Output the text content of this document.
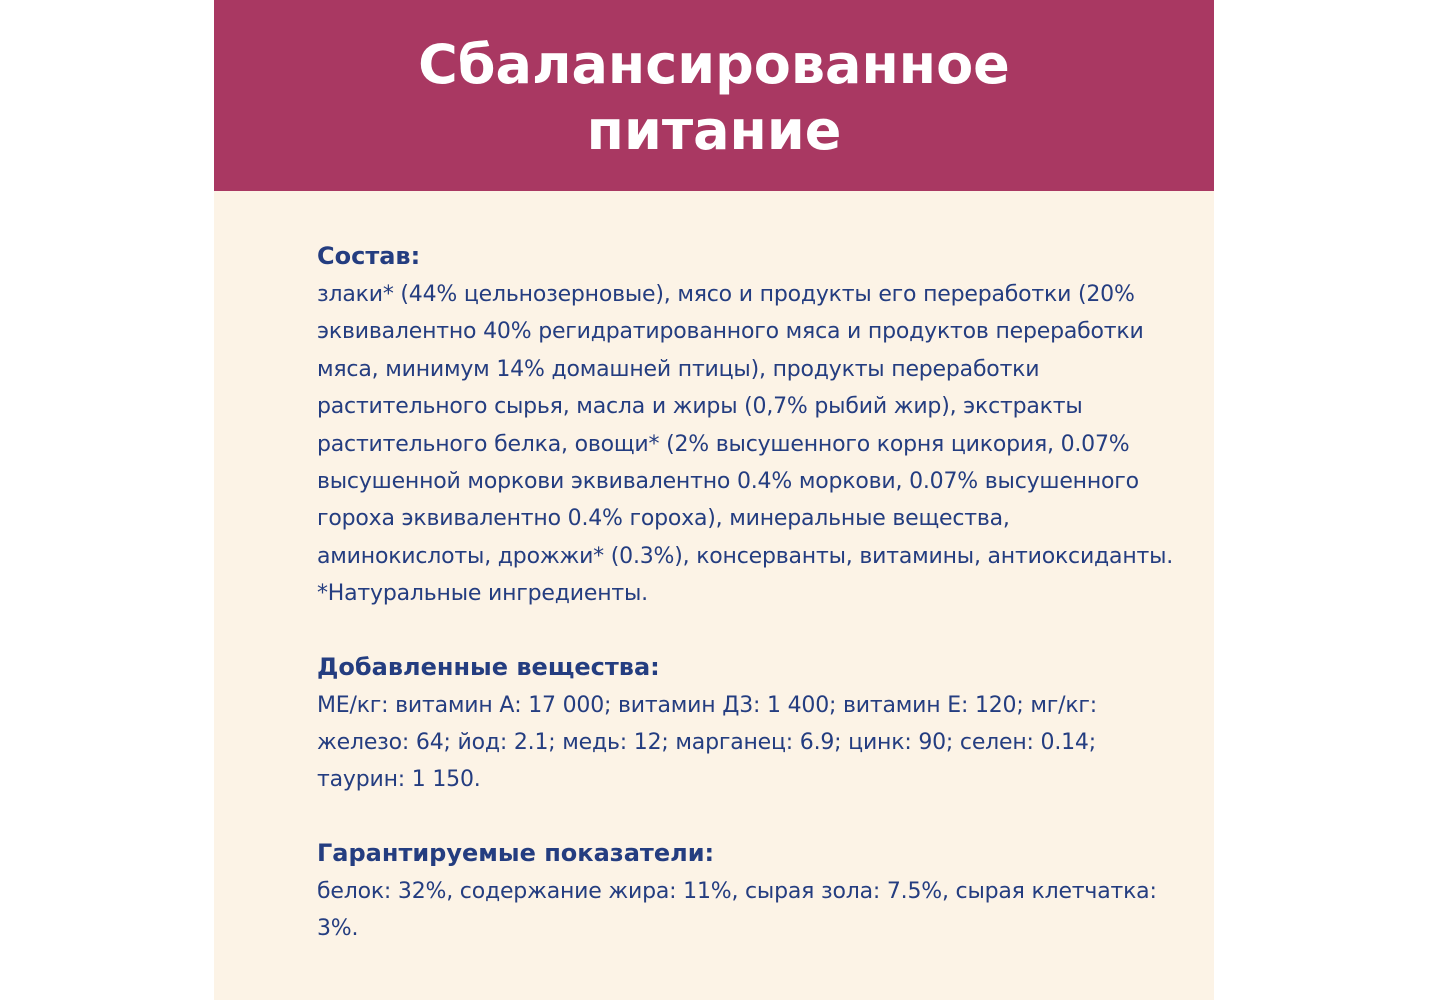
Сбалансированное питание

Состав:

злаки* (44% цельнозерновые), мясо и продукты его переработки (20% эквивалентно 40% регидратированного мяса и продуктов переработки мяса, минимум 14% домашней птицы), продукты переработки растительного сырья, масла и жиры (0,7% рыбий жир), экстракты растительного белка, овощи* (2% высушенного корня цикория, 0.07% высушенной моркови эквивалентно 0.4% моркови, 0.07% высушенного гороха эквивалентно 0.4% гороха), минеральные вещества, аминокислоты, дрожжи* (0.3%), консерванты, витамины, антиоксиданты. *Натуральные ингредиенты.

Добавленные вещества:

МЕ/кг: витамин А: 17 000; витамин Д3: 1 400; витамин Е: 120; мг/кг: железо: 64; йод: 2.1; медь: 12; марганец: 6.9; цинк: 90; селен: 0.14; таурин: 1 150.

Гарантируемые показатели:

белок: 32%, содержание жира: 11%, сырая зола: 7.5%, сырая клетчатка: 3%.
